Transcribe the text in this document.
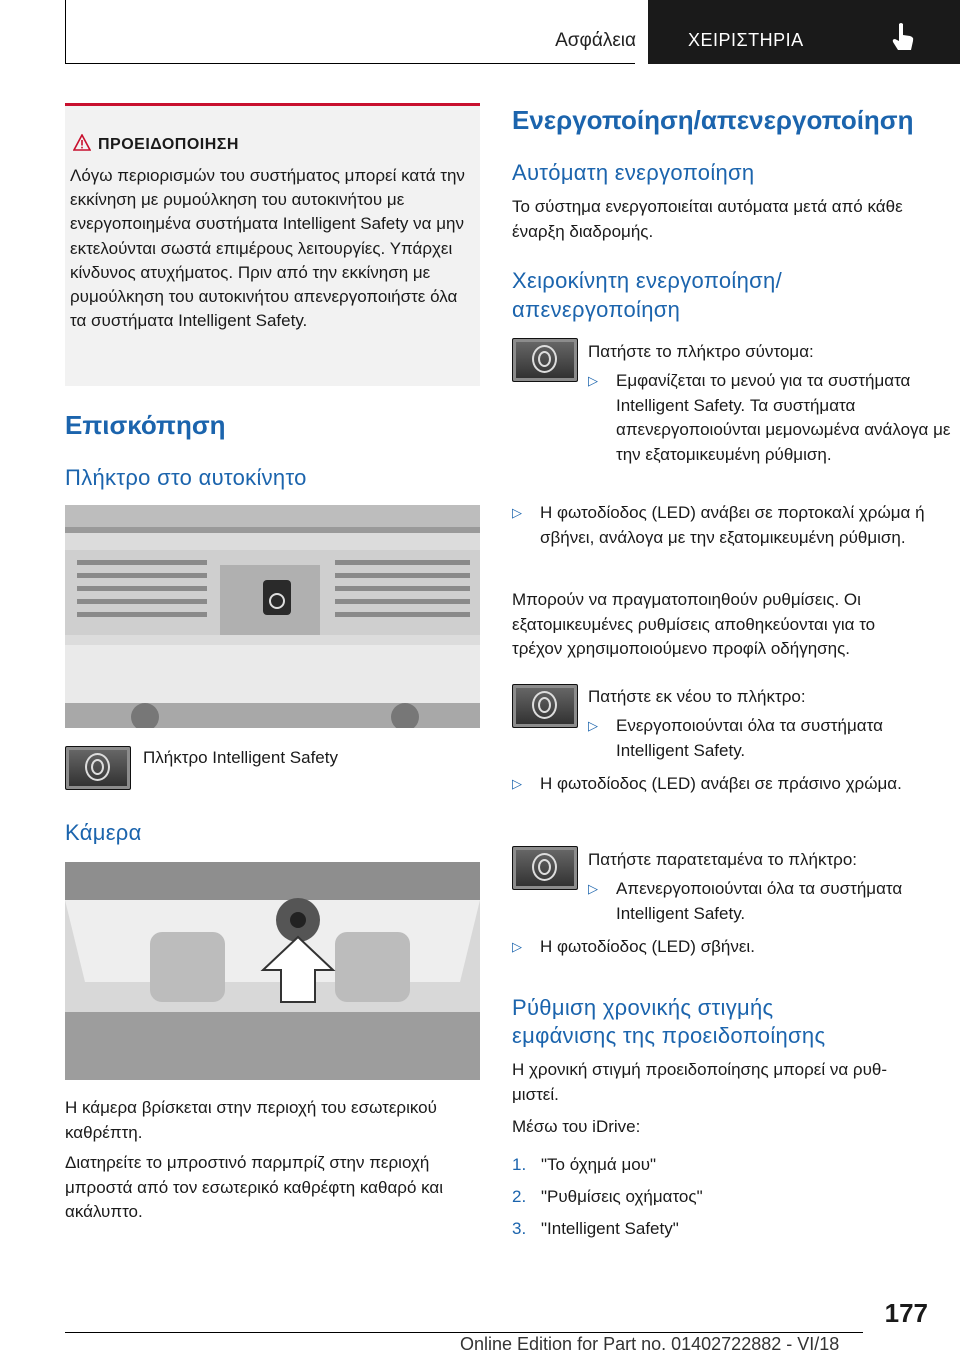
Ασφάλεια	ΧΕΙΡΙΣΤΗΡΙΑ
ΠΡΟΕΙΔΟΠΟΙΗΣΗ
Λόγω περιορισμών του συστήματος μπορεί κατά την εκκίνηση με ρυμούλκηση του αυτοκινήτου με ενεργοποιημένα συστήματα Intelligent Safety να μην εκτελούνται σωστά επιμέρους λειτουργίες. Υπάρχει κίνδυνος ατυχήματος. Πριν από την εκκίνηση με ρυμούλκηση του αυτοκινήτου απενεργοποιήστε όλα τα συστήματα Intelligent Safety.
Επισκόπηση
Πλήκτρο στο αυτοκίνητο
Πλήκτρο Intelligent Safety
Κάμερα
Η κάμερα βρίσκεται στην περιοχή του εσωτερικού καθρέπτη.
Διατηρείτε το μπροστινό παρμπρίζ στην περιοχή μπροστά από τον εσωτερικό καθρέφτη καθαρό και ακάλυπτο.
Ενεργοποίηση/απενεργοποίηση
Αυτόματη ενεργοποίηση
Το σύστημα ενεργοποιείται αυτόματα μετά από κάθε έναρξη διαδρομής.
Χειροκίνητη ενεργοποίηση/
απενεργοποίηση
Πατήστε το πλήκτρο σύντομα:
▷ Εμφανίζεται το μενού για τα συστήματα Intelligent Safety. Τα συστήματα απενεργοποιούνται μεμονωμένα ανάλογα με την εξατομικευμένη ρύθμιση.
▷ Η φωτοδίοδος (LED) ανάβει σε πορτοκαλί χρώμα ή σβήνει, ανάλογα με την εξατομικευμένη ρύθμιση.
Μπορούν να πραγματοποιηθούν ρυθμίσεις. Οι εξατομικευμένες ρυθμίσεις αποθηκεύονται για το τρέχον χρησιμοποιούμενο προφίλ οδήγησης.
Πατήστε εκ νέου το πλήκτρο:
▷ Ενεργοποιούνται όλα τα συστήματα Intelligent Safety.
▷ Η φωτοδίοδος (LED) ανάβει σε πράσινο χρώμα.
Πατήστε παρατεταμένα το πλήκτρο:
▷ Απενεργοποιούνται όλα τα συστήματα Intelligent Safety.
▷ Η φωτοδίοδος (LED) σβήνει.
Ρύθμιση χρονικής στιγμής
εμφάνισης της προειδοποίησης
Η χρονική στιγμή προειδοποίησης μπορεί να ρυθμιστεί.
Μέσω του iDrive:
1. "Το όχημά μου"
2. "Ρυθμίσεις οχήματος"
3. "Intelligent Safety"
177
Online Edition for Part no. 01402722882 - VI/18
